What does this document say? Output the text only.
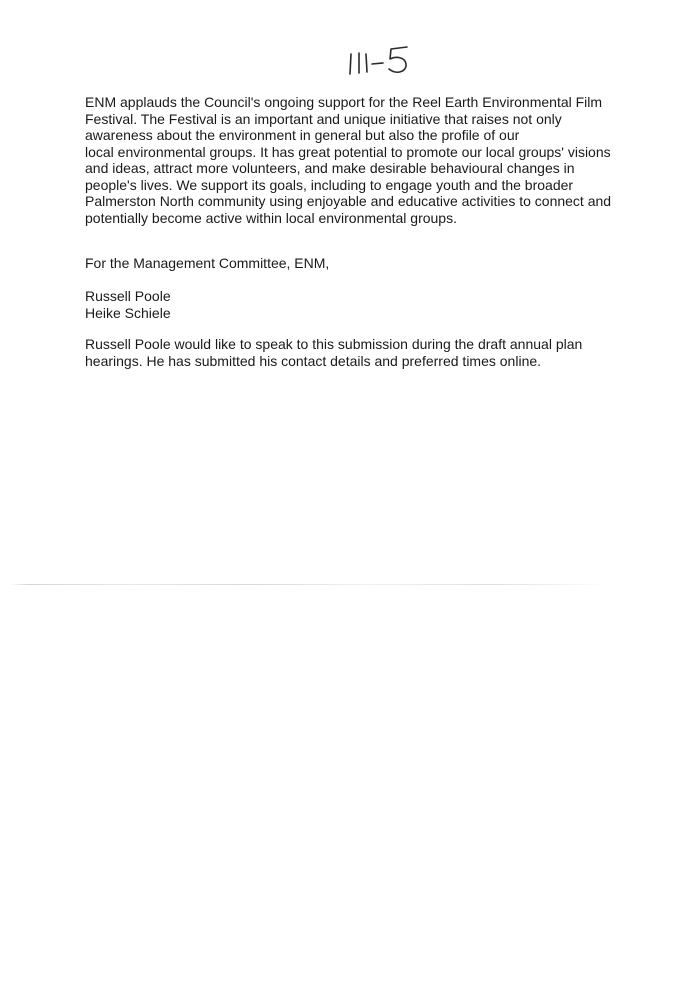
ENM applauds the Council's ongoing support for the Reel Earth Environmental Film
Festival. The Festival is an important and unique initiative that raises not only
awareness about the environment in general but also the profile of our
local environmental groups. It has great potential to promote our local groups' visions
and ideas, attract more volunteers, and make desirable behavioural changes in
people's lives. We support its goals, including to engage youth and the broader
Palmerston North community using enjoyable and educative activities to connect and
potentially become active within local environmental groups.
For the Management Committee, ENM,
Russell Poole
Heike Schiele
Russell Poole would like to speak to this submission during the draft annual plan
hearings. He has submitted his contact details and preferred times online.
